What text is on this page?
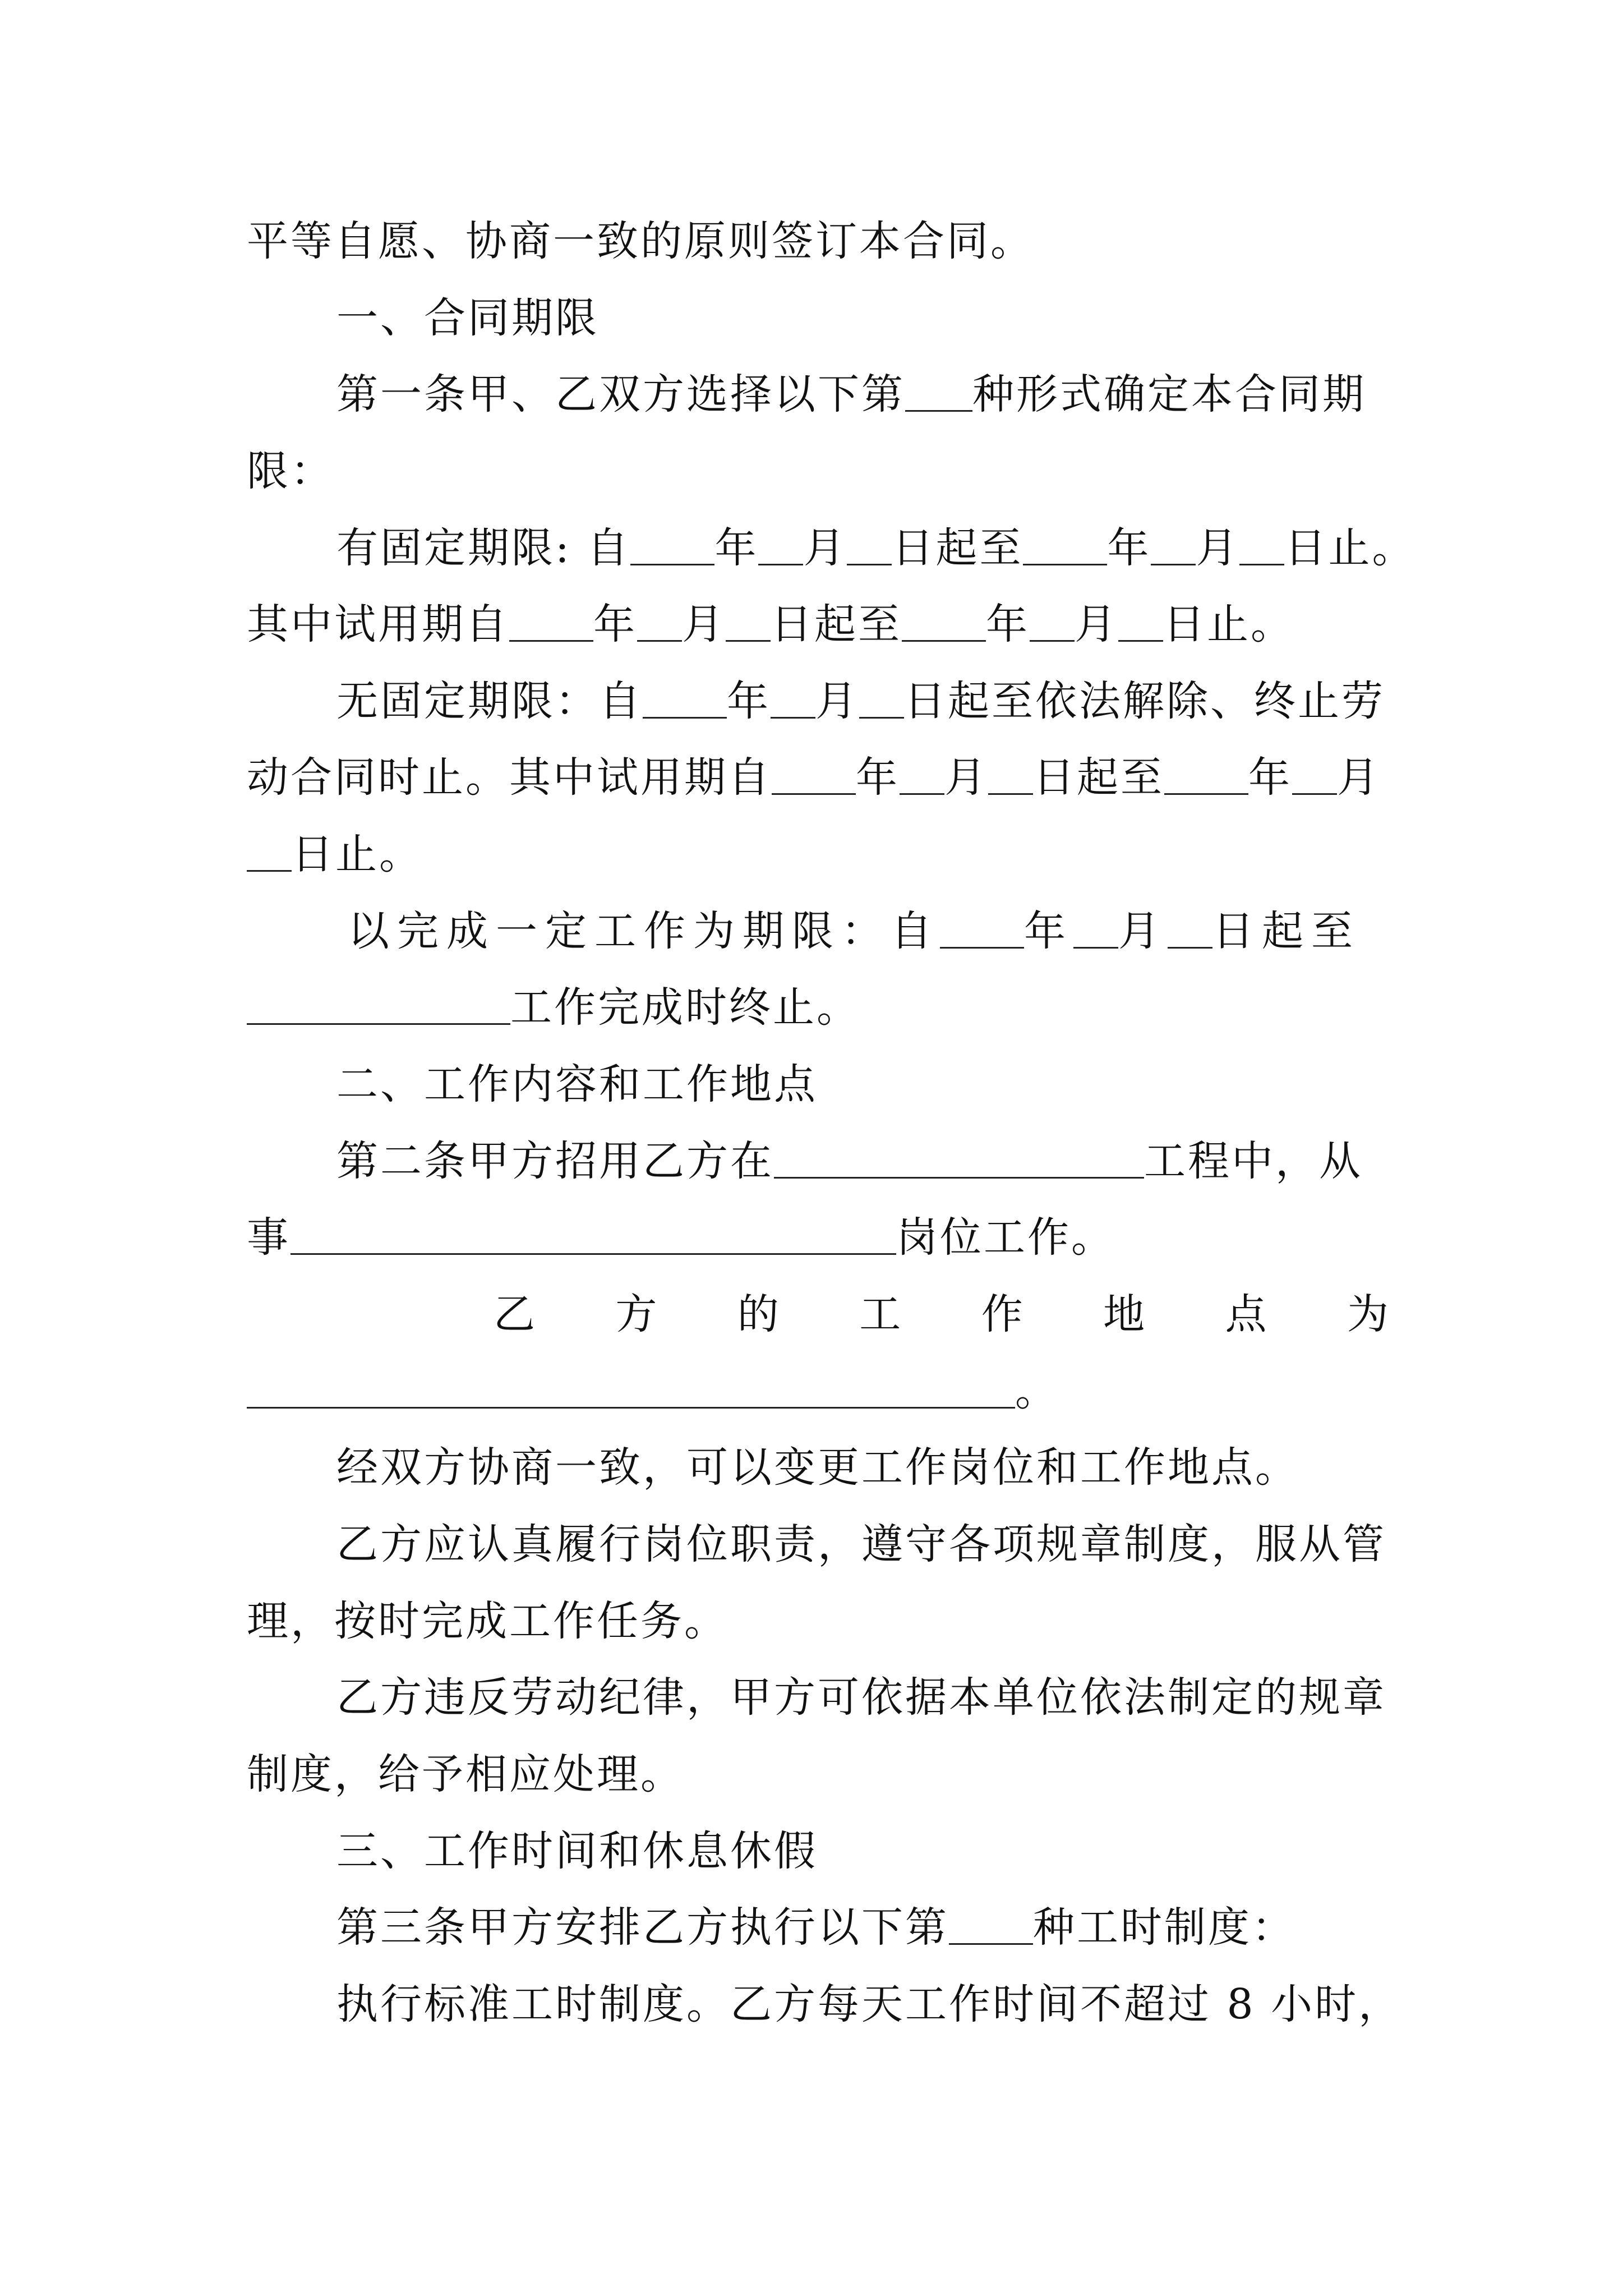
平等自愿、协商一致的原则签订本合同。
一、合同期限
第一条甲、乙双方选择以下第 种形式确定本合同期
限：
有固定期限: 自 年 月 日起至 年 月 日止。
其中试用期自 年 月 日起至 年 月 日止。
无固定期限：自 年 月 日起至依法解除、终止劳
动合同时止。其中试用期自 年 月 日起至 年 月
日止。
以完成一定工作为期限：自 年 月 日起至
工作完成时终止。
二、工作内容和工作地点
第二条甲方招用乙方在	工程中，从
事	岗位工作。
乙 方 的 工 作 地 点 为
。
经双方协商一致，可以变更工作岗位和工作地点。
乙方应认真履行岗位职责，遵守各项规章制度，服从管
理，按时完成工作任务。
乙方违反劳动纪律，甲方可依据本单位依法制定的规章
制度，给予相应处理。
三、工作时间和休息休假
第三条甲方安排乙方执行以下第 种工时制度：
执行标准工时制度。乙方每天工作时间不超过 8 小时，
